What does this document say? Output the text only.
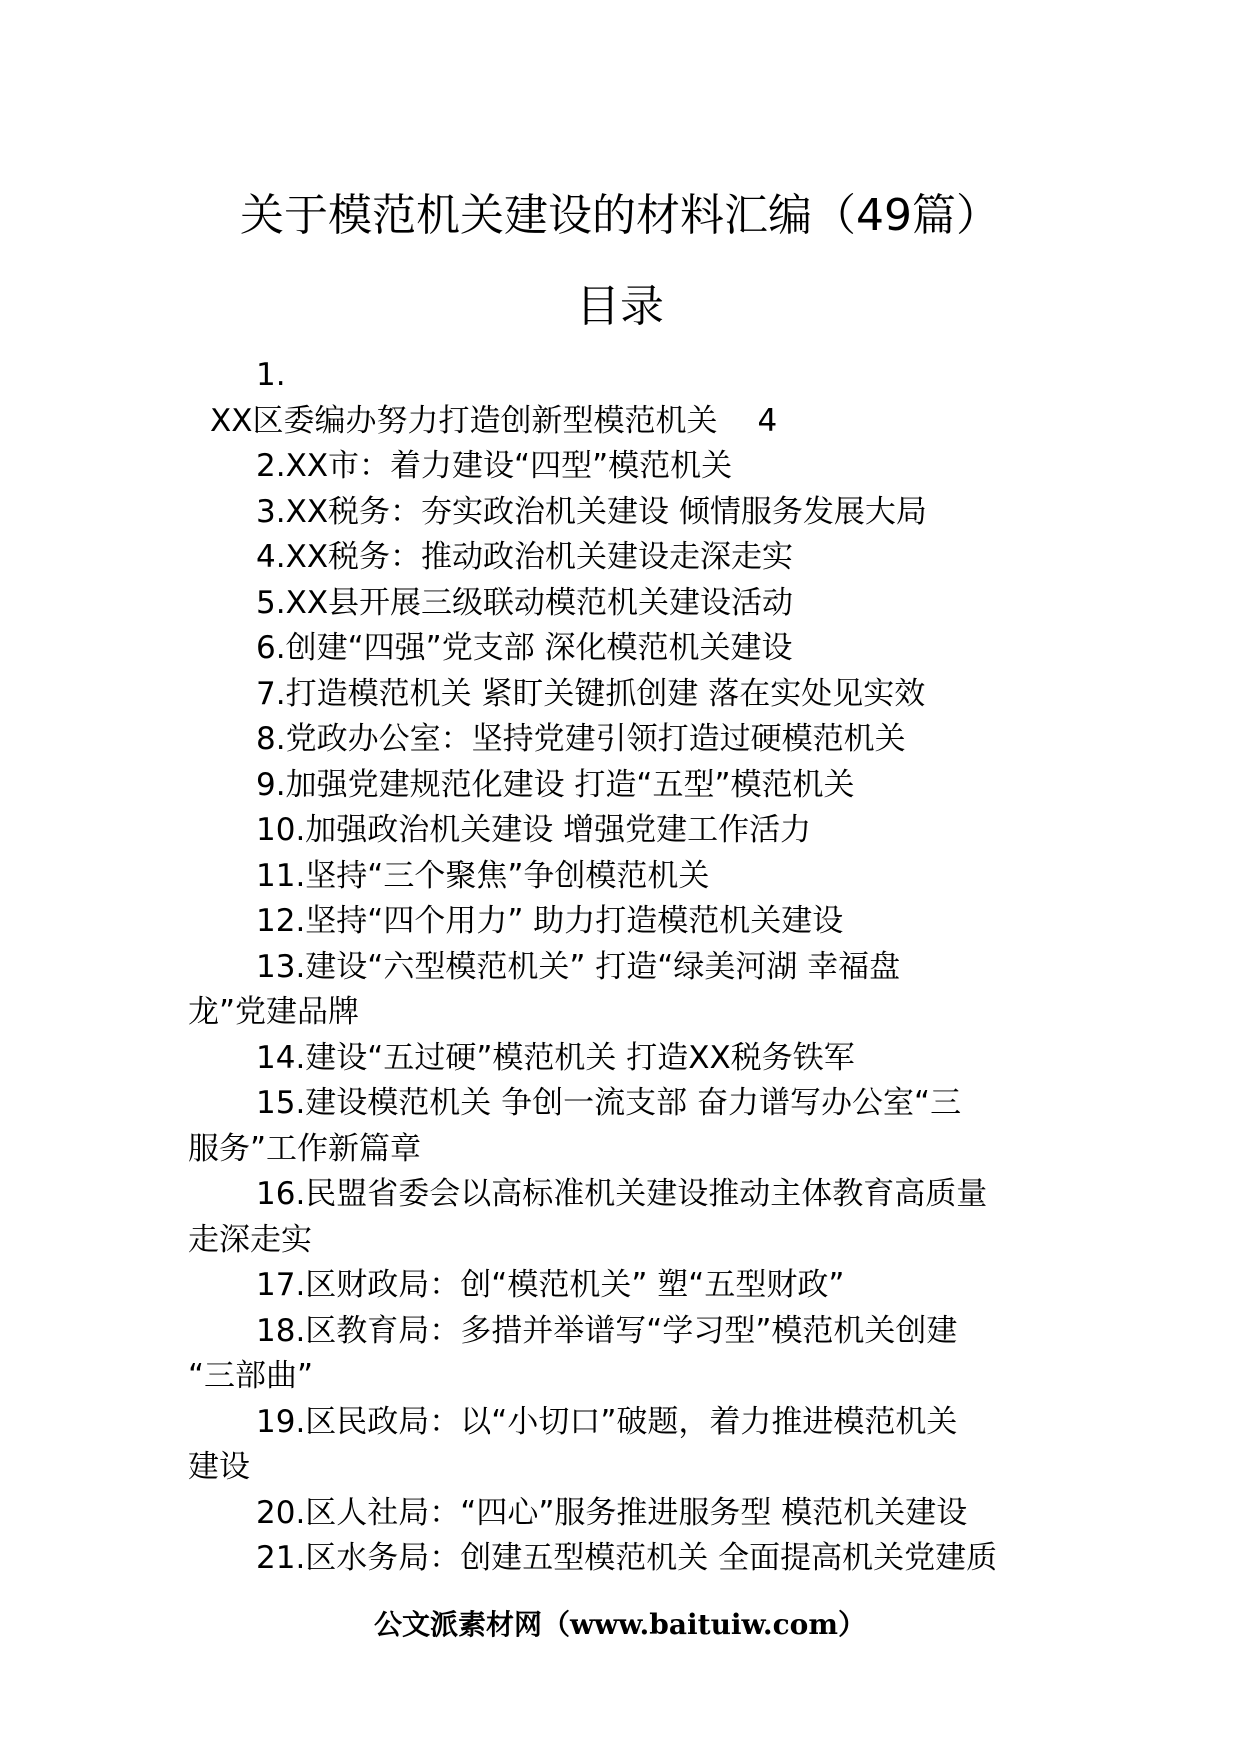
关于模范机关建设的材料汇编（49篇）
目录
1.
XX区委编办努力打造创新型模范机关 4
2.XX市：着力建设“四型”模范机关
3.XX税务：夯实政治机关建设 倾情服务发展大局
4.XX税务：推动政治机关建设走深走实
5.XX县开展三级联动模范机关建设活动
6.创建“四强”党支部 深化模范机关建设
7.打造模范机关 紧盯关键抓创建 落在实处见实效
8.党政办公室：坚持党建引领打造过硬模范机关
9.加强党建规范化建设 打造“五型”模范机关
10.加强政治机关建设 增强党建工作活力
11.坚持“三个聚焦”争创模范机关
12.坚持“四个用力” 助力打造模范机关建设
13.建设“六型模范机关” 打造“绿美河湖 幸福盘
龙”党建品牌
14.建设“五过硬”模范机关 打造XX税务铁军
15.建设模范机关 争创一流支部 奋力谱写办公室“三
服务”工作新篇章
16.民盟省委会以高标准机关建设推动主体教育高质量
走深走实
17.区财政局：创“模范机关” 塑“五型财政”
18.区教育局：多措并举谱写“学习型”模范机关创建
“三部曲”
19.区民政局：以“小切口”破题，着力推进模范机关
建设
20.区人社局：“四心”服务推进服务型 模范机关建设
21.区水务局：创建五型模范机关 全面提高机关党建质
公文派素材网（www.baituiw.com）
